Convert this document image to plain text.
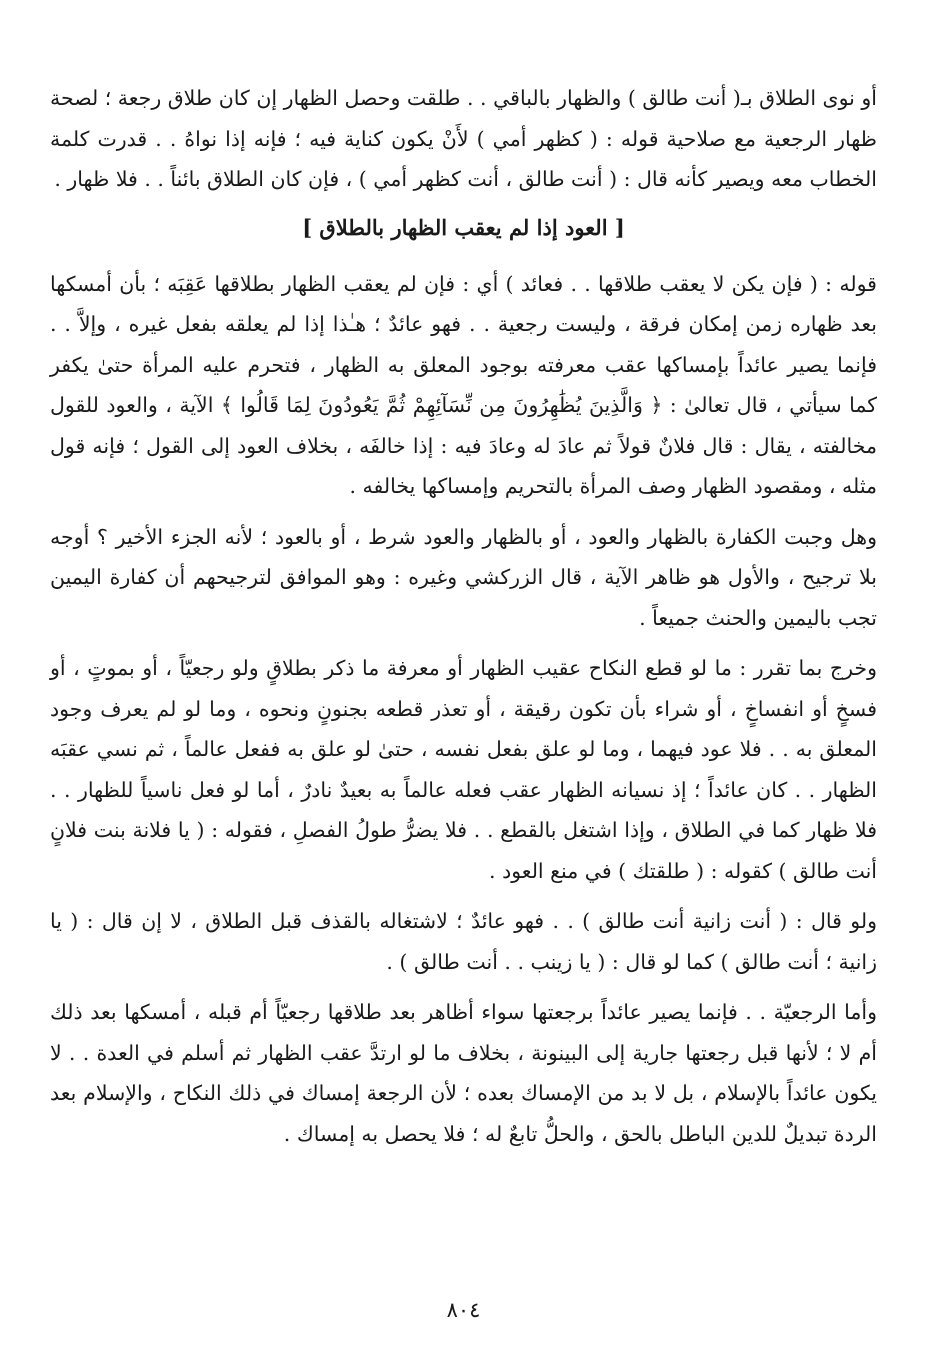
أو نوى الطلاق بـ( أنت طالق ) والظهار بالباقي . . طلقت وحصل الظهار إن كان طلاق رجعة ؛ لصحة ظهار الرجعية مع صلاحية قوله : ( كظهر أمي ) لأَنْ يكون كناية فيه ؛ فإنه إذا نواهُ . . قدرت كلمة الخطاب معه ويصير كأنه قال : ( أنت طالق ، أنت كظهر أمي ) ، فإن كان الطلاق بائناً . . فلا ظهار .

[ العود إذا لم يعقب الظهار بالطلاق ]

قوله : ( فإن يكن لا يعقب طلاقها . . فعائد ) أي : فإن لم يعقب الظهار بطلاقها عَقِبَه ؛ بأن أمسكها بعد ظهاره زمن إمكان فرقة ، وليست رجعية . . فهو عائدٌ ؛ هـٰذا إذا لم يعلقه بفعل غيره ، وإلاَّ . . فإنما يصير عائداً بإمساكها عقب معرفته بوجود المعلق به الظهار ، فتحرم عليه المرأة حتىٰ يكفر كما سيأتي ، قال تعالىٰ : ﴿ وَالَّذِينَ يُظَٰهِرُونَ مِن نِّسَآئِهِمْ ثُمَّ يَعُودُونَ لِمَا قَالُوا ﴾ الآية ، والعود للقول مخالفته ، يقال : قال فلانٌ قولاً ثم عادَ له وعادَ فيه : إذا خالفَه ، بخلاف العود إلى القول ؛ فإنه قول مثله ، ومقصود الظهار وصف المرأة بالتحريم وإمساكها يخالفه .

وهل وجبت الكفارة بالظهار والعود ، أو بالظهار والعود شرط ، أو بالعود ؛ لأنه الجزء الأخير ؟ أوجه بلا ترجيح ، والأول هو ظاهر الآية ، قال الزركشي وغيره : وهو الموافق لترجيحهم أن كفارة اليمين تجب باليمين والحنث جميعاً .

وخرج بما تقرر : ما لو قطع النكاح عقيب الظهار أو معرفة ما ذكر بطلاقٍ ولو رجعيّاً ، أو بموتٍ ، أو فسخٍ أو انفساخٍ ، أو شراء بأن تكون رقيقة ، أو تعذر قطعه بجنونٍ ونحوه ، وما لو لم يعرف وجود المعلق به . . فلا عود فيهما ، وما لو علق بفعل نفسه ، حتىٰ لو علق به ففعل عالماً ، ثم نسي عقبَه الظهار . . كان عائداً ؛ إذ نسيانه الظهار عقب فعله عالماً به بعيدٌ نادرٌ ، أما لو فعل ناسياً للظهار . . فلا ظهار كما في الطلاق ، وإذا اشتغل بالقطع . . فلا يضرُّ طولُ الفصلِ ، فقوله : ( يا فلانة بنت فلانٍ أنت طالق ) كقوله : ( طلقتك ) في منع العود .

ولو قال : ( أنت زانية أنت طالق ) . . فهو عائدٌ ؛ لاشتغاله بالقذف قبل الطلاق ، لا إن قال : ( يا زانية ؛ أنت طالق ) كما لو قال : ( يا زينب . . أنت طالق ) .

وأما الرجعيّة . . فإنما يصير عائداً برجعتها سواء أظاهر بعد طلاقها رجعيّاً أم قبله ، أمسكها بعد ذلك أم لا ؛ لأنها قبل رجعتها جارية إلى البينونة ، بخلاف ما لو ارتدَّ عقب الظهار ثم أسلم في العدة . . لا يكون عائداً بالإسلام ، بل لا بد من الإمساك بعده ؛ لأن الرجعة إمساك في ذلك النكاح ، والإسلام بعد الردة تبديلٌ للدين الباطل بالحق ، والحلُّ تابعٌ له ؛ فلا يحصل به إمساك .

٨٠٤
